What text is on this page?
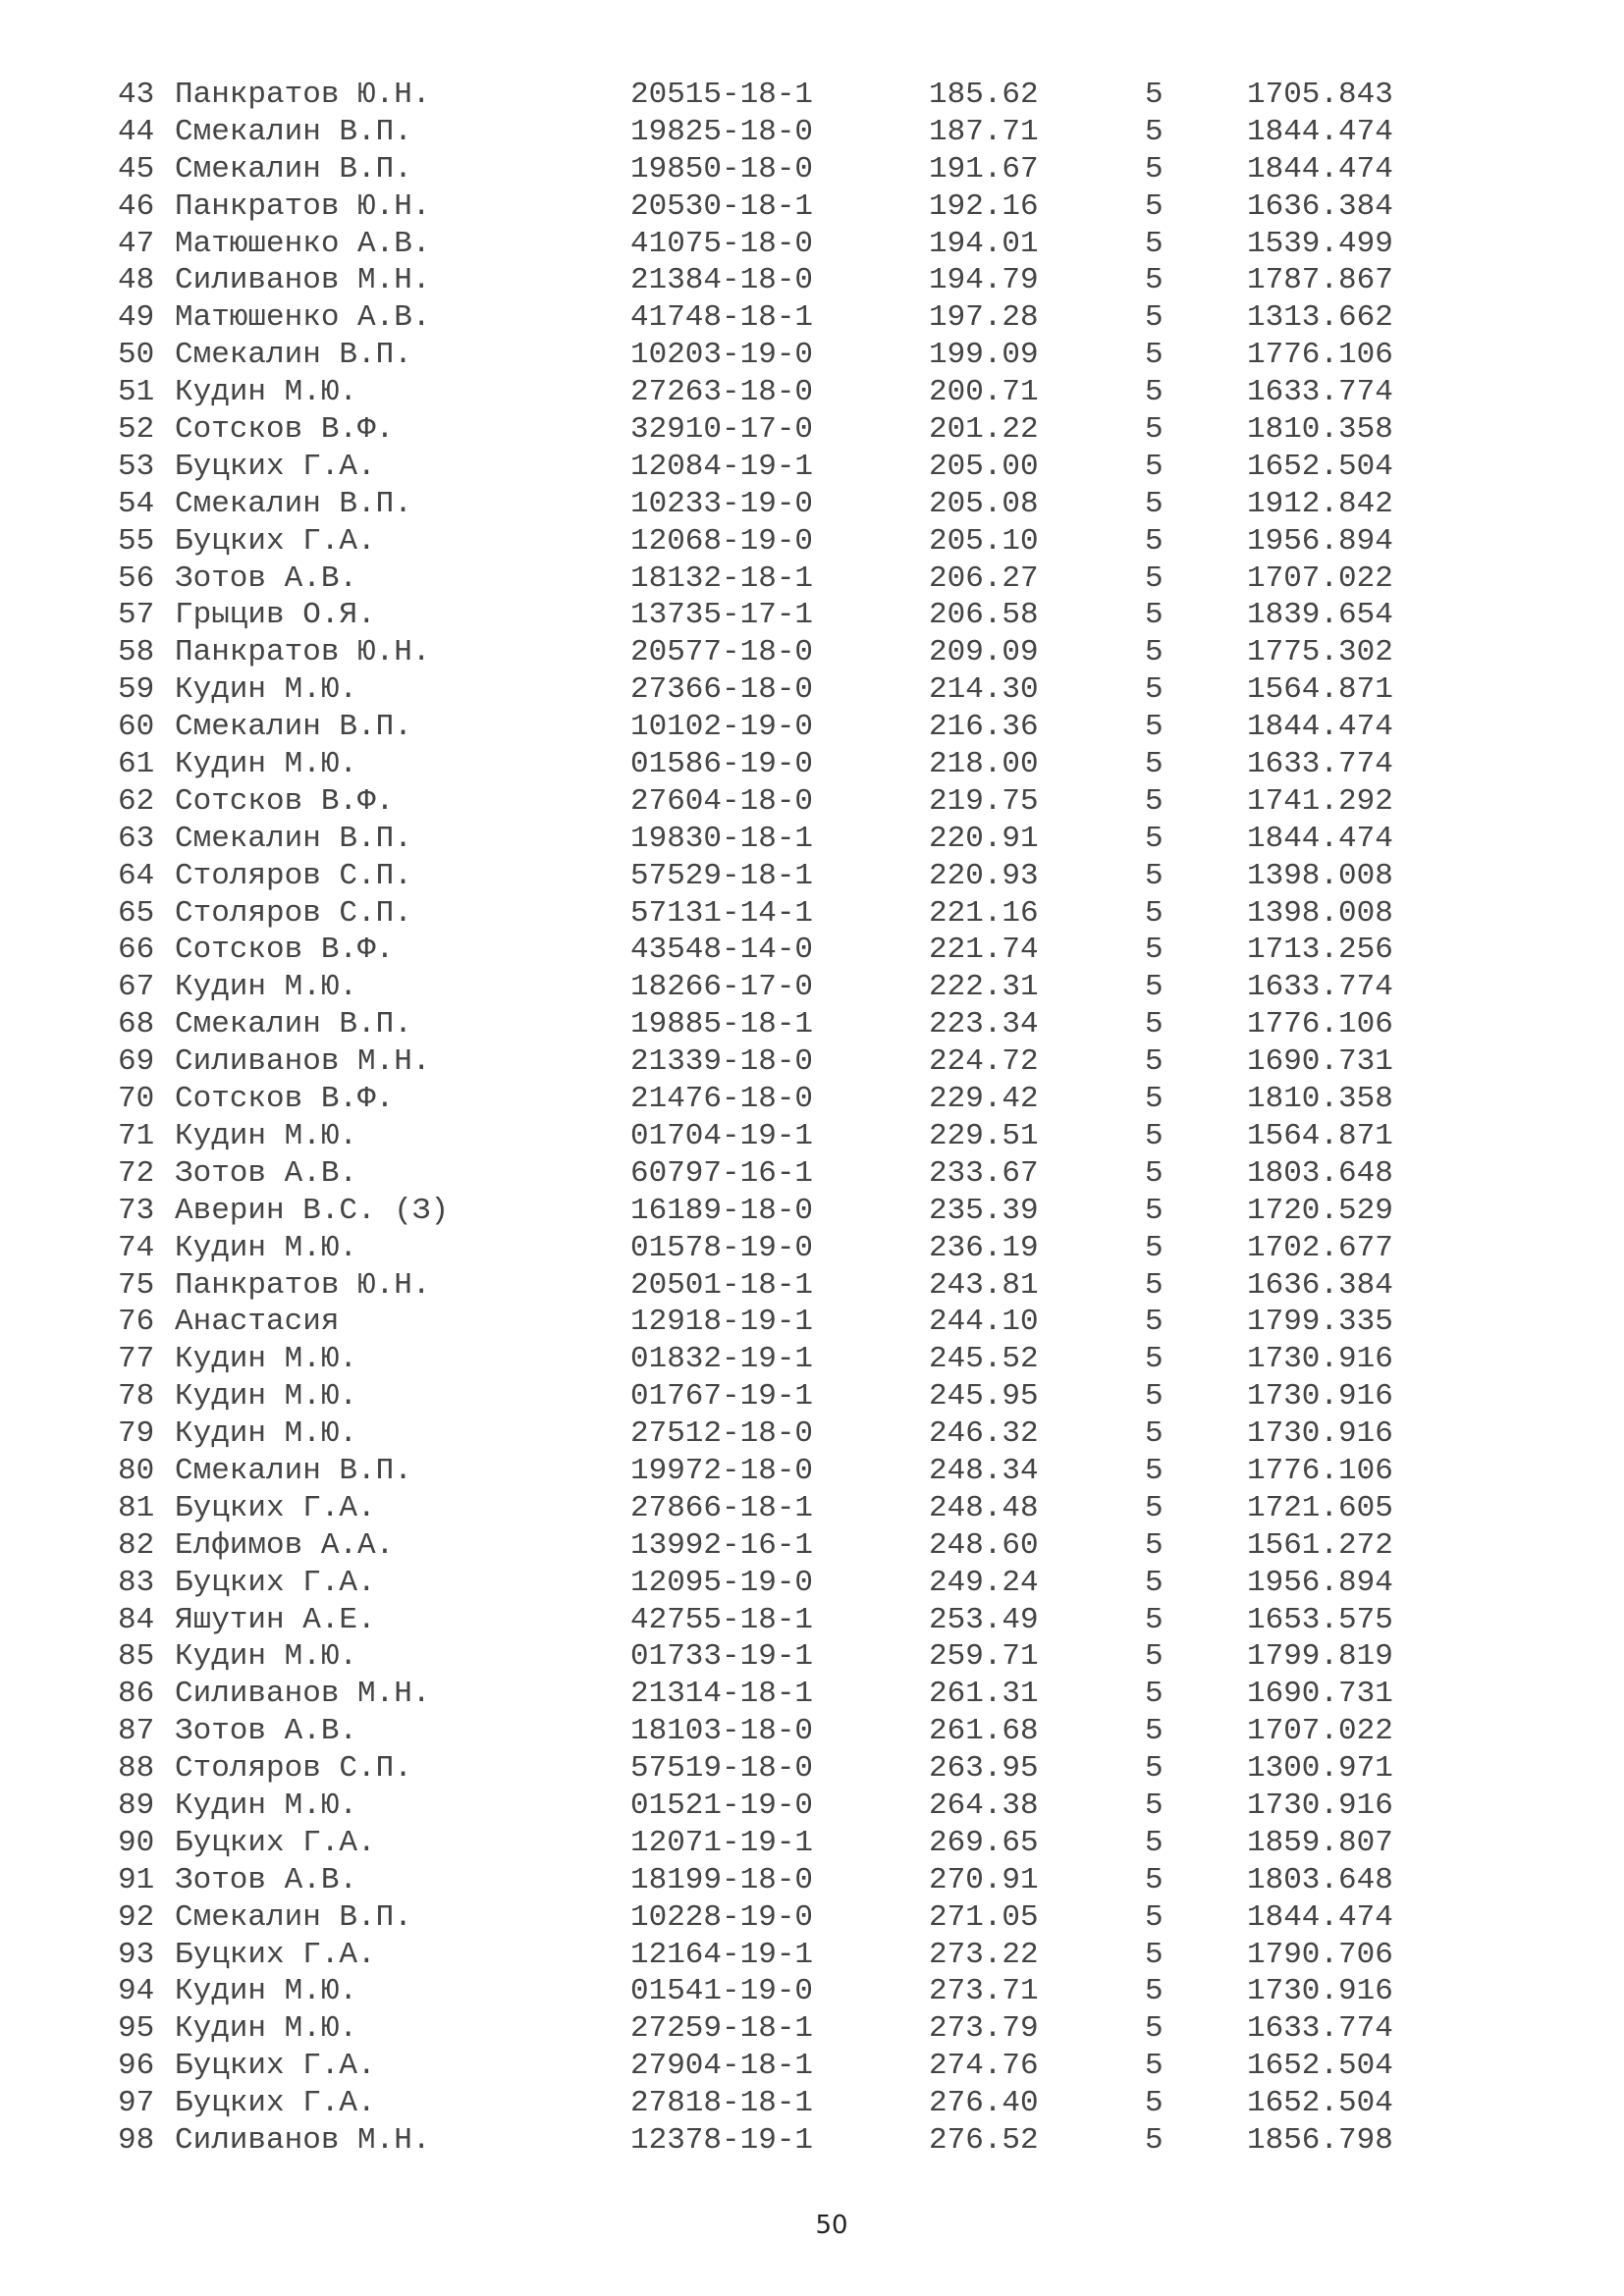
43 Панкратов Ю.Н.	20515-18-1	185.62	5	1705.843
44 Смекалин В.П.	19825-18-0	187.71	5	1844.474
45 Смекалин В.П.	19850-18-0	191.67	5	1844.474
46 Панкратов Ю.Н.	20530-18-1	192.16	5	1636.384
47 Матюшенко А.В.	41075-18-0	194.01	5	1539.499
48 Силиванов М.Н.	21384-18-0	194.79	5	1787.867
49 Матюшенко А.В.	41748-18-1	197.28	5	1313.662
50 Смекалин В.П.	10203-19-0	199.09	5	1776.106
51 Кудин М.Ю.	27263-18-0	200.71	5	1633.774
52 Сотсков В.Ф.	32910-17-0	201.22	5	1810.358
53 Буцких Г.А.	12084-19-1	205.00	5	1652.504
54 Смекалин В.П.	10233-19-0	205.08	5	1912.842
55 Буцких Г.А.	12068-19-0	205.10	5	1956.894
56 Зотов А.В.	18132-18-1	206.27	5	1707.022
57 Грыцив О.Я.	13735-17-1	206.58	5	1839.654
58 Панкратов Ю.Н.	20577-18-0	209.09	5	1775.302
59 Кудин М.Ю.	27366-18-0	214.30	5	1564.871
60 Смекалин В.П.	10102-19-0	216.36	5	1844.474
61 Кудин М.Ю.	01586-19-0	218.00	5	1633.774
62 Сотсков В.Ф.	27604-18-0	219.75	5	1741.292
63 Смекалин В.П.	19830-18-1	220.91	5	1844.474
64 Столяров С.П.	57529-18-1	220.93	5	1398.008
65 Столяров С.П.	57131-14-1	221.16	5	1398.008
66 Сотсков В.Ф.	43548-14-0	221.74	5	1713.256
67 Кудин М.Ю.	18266-17-0	222.31	5	1633.774
68 Смекалин В.П.	19885-18-1	223.34	5	1776.106
69 Силиванов М.Н.	21339-18-0	224.72	5	1690.731
70 Сотсков В.Ф.	21476-18-0	229.42	5	1810.358
71 Кудин М.Ю.	01704-19-1	229.51	5	1564.871
72 Зотов А.В.	60797-16-1	233.67	5	1803.648
73 Аверин В.С. (З)	16189-18-0	235.39	5	1720.529
74 Кудин М.Ю.	01578-19-0	236.19	5	1702.677
75 Панкратов Ю.Н.	20501-18-1	243.81	5	1636.384
76 Анастасия	12918-19-1	244.10	5	1799.335
77 Кудин М.Ю.	01832-19-1	245.52	5	1730.916
78 Кудин М.Ю.	01767-19-1	245.95	5	1730.916
79 Кудин М.Ю.	27512-18-0	246.32	5	1730.916
80 Смекалин В.П.	19972-18-0	248.34	5	1776.106
81 Буцких Г.А.	27866-18-1	248.48	5	1721.605
82 Елфимов А.А.	13992-16-1	248.60	5	1561.272
83 Буцких Г.А.	12095-19-0	249.24	5	1956.894
84 Яшутин А.Е.	42755-18-1	253.49	5	1653.575
85 Кудин М.Ю.	01733-19-1	259.71	5	1799.819
86 Силиванов М.Н.	21314-18-1	261.31	5	1690.731
87 Зотов А.В.	18103-18-0	261.68	5	1707.022
88 Столяров С.П.	57519-18-0	263.95	5	1300.971
89 Кудин М.Ю.	01521-19-0	264.38	5	1730.916
90 Буцких Г.А.	12071-19-1	269.65	5	1859.807
91 Зотов А.В.	18199-18-0	270.91	5	1803.648
92 Смекалин В.П.	10228-19-0	271.05	5	1844.474
93 Буцких Г.А.	12164-19-1	273.22	5	1790.706
94 Кудин М.Ю.	01541-19-0	273.71	5	1730.916
95 Кудин М.Ю.	27259-18-1	273.79	5	1633.774
96 Буцких Г.А.	27904-18-1	274.76	5	1652.504
97 Буцких Г.А.	27818-18-1	276.40	5	1652.504
98 Силиванов М.Н.	12378-19-1	276.52	5	1856.798
50
